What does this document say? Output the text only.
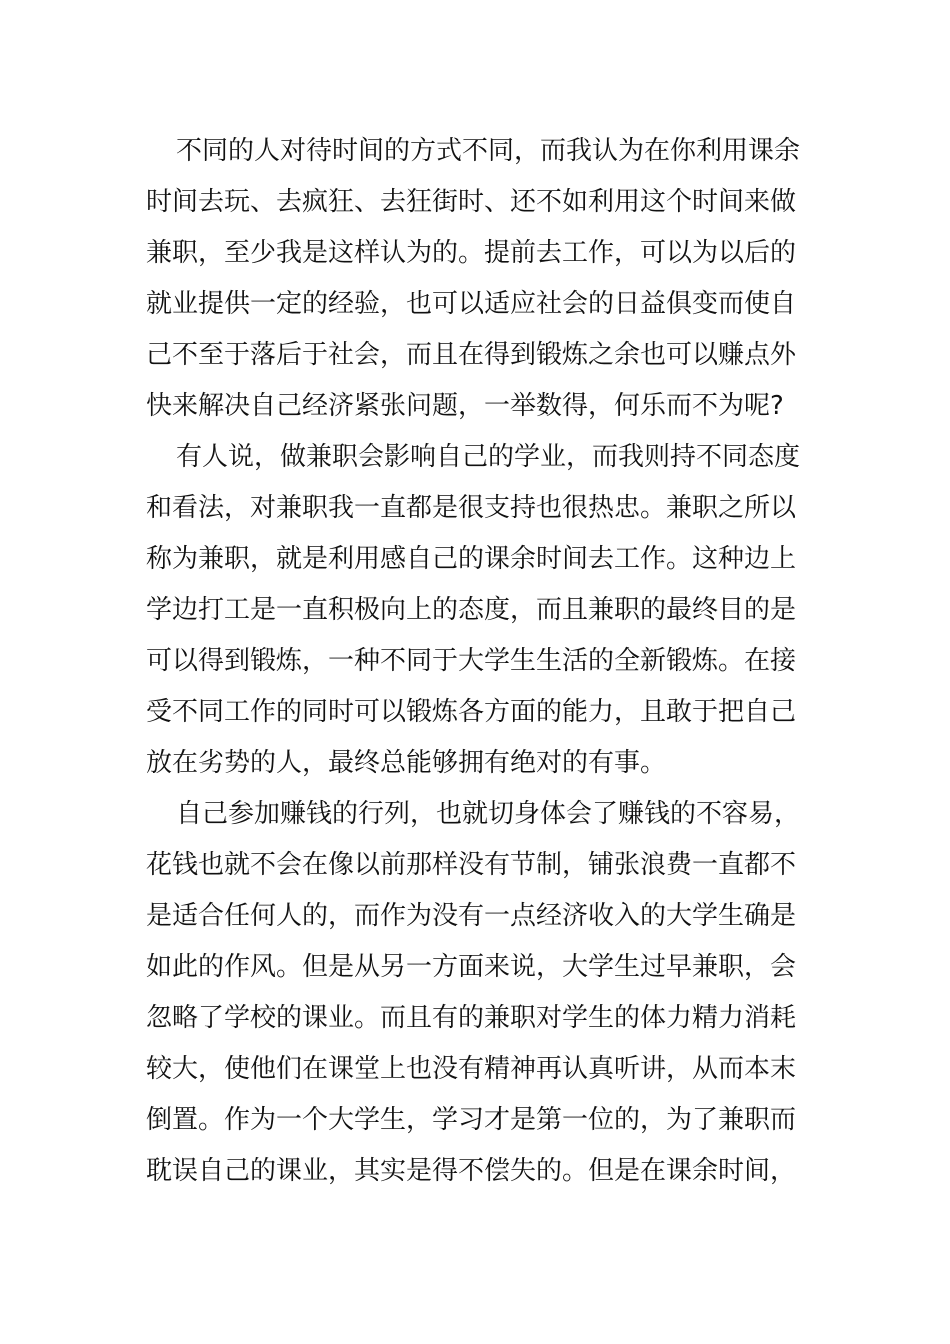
不同的人对待时间的方式不同，而我认为在你利用课余
时间去玩、去疯狂、去狂街时、还不如利用这个时间来做
兼职，至少我是这样认为的。提前去工作，可以为以后的
就业提供一定的经验，也可以适应社会的日益俱变而使自
己不至于落后于社会，而且在得到锻炼之余也可以赚点外
快来解决自己经济紧张问题，一举数得，何乐而不为呢?
有人说，做兼职会影响自己的学业，而我则持不同态度
和看法，对兼职我一直都是很支持也很热忠。兼职之所以
称为兼职，就是利用感自己的课余时间去工作。这种边上
学边打工是一直积极向上的态度，而且兼职的最终目的是
可以得到锻炼，一种不同于大学生生活的全新锻炼。在接
受不同工作的同时可以锻炼各方面的能力，且敢于把自己
放在劣势的人，最终总能够拥有绝对的有事。
自己参加赚钱的行列，也就切身体会了赚钱的不容易，
花钱也就不会在像以前那样没有节制，铺张浪费一直都不
是适合任何人的，而作为没有一点经济收入的大学生确是
如此的作风。但是从另一方面来说，大学生过早兼职，会
忽略了学校的课业。而且有的兼职对学生的体力精力消耗
较大，使他们在课堂上也没有精神再认真听讲，从而本末
倒置。作为一个大学生，学习才是第一位的，为了兼职而
耽误自己的课业，其实是得不偿失的。但是在课余时间，
